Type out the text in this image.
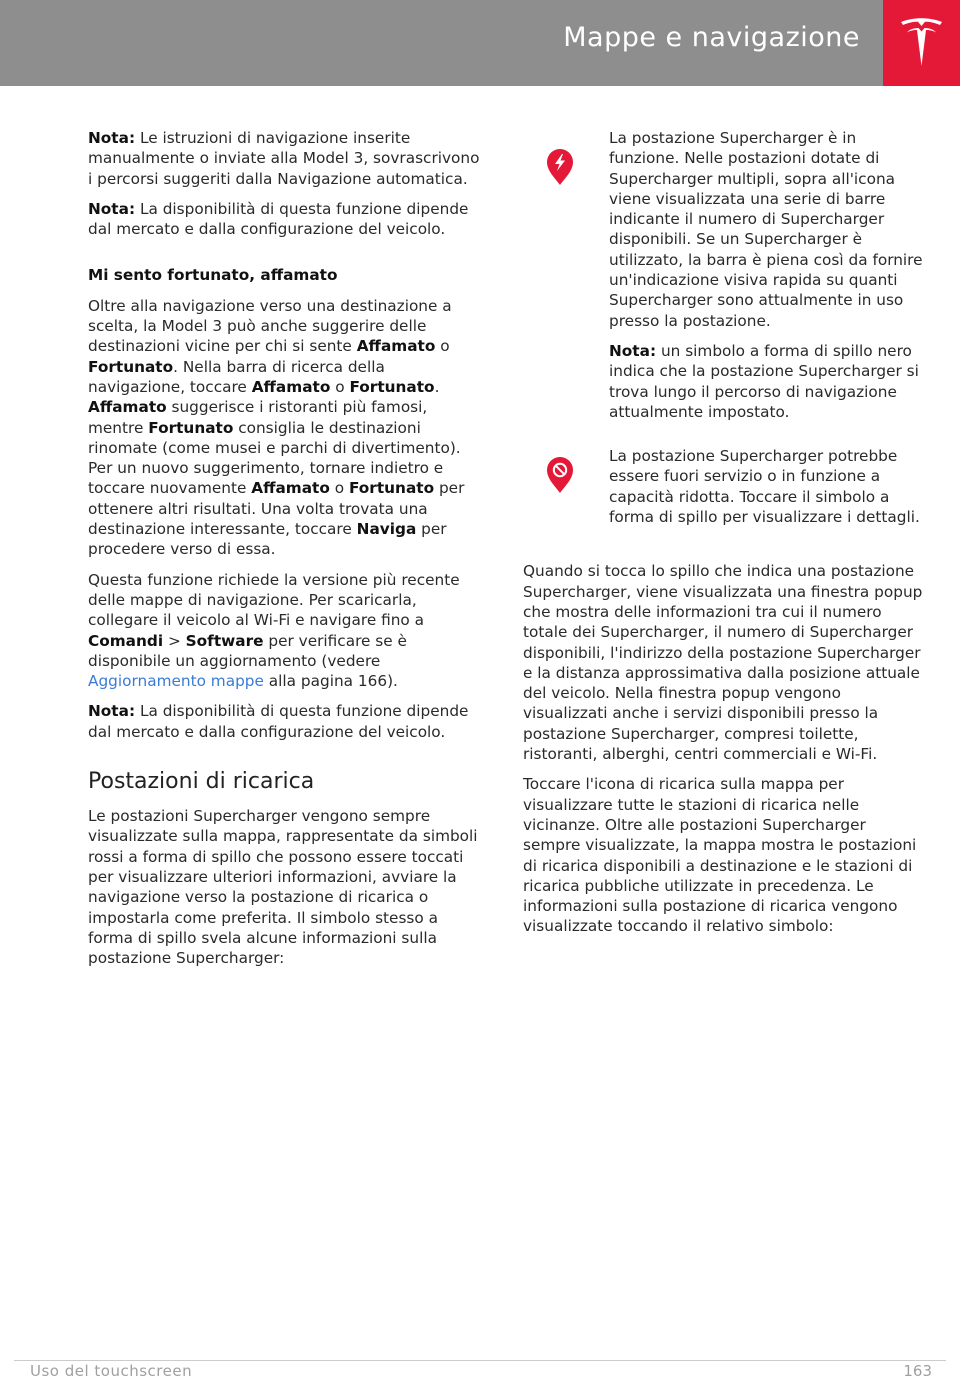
Mappe e navigazione

Nota: Le istruzioni di navigazione inserite manualmente o inviate alla Model 3, sovrascrivono i percorsi suggeriti dalla Navigazione automatica.

Nota: La disponibilità di questa funzione dipende dal mercato e dalla configurazione del veicolo.

Mi sento fortunato, affamato

Oltre alla navigazione verso una destinazione a scelta, la Model 3 può anche suggerire delle destinazioni vicine per chi si sente Affamato o Fortunato. Nella barra di ricerca della navigazione, toccare Affamato o Fortunato. Affamato suggerisce i ristoranti più famosi, mentre Fortunato consiglia le destinazioni rinomate (come musei e parchi di divertimento). Per un nuovo suggerimento, tornare indietro e toccare nuovamente Affamato o Fortunato per ottenere altri risultati. Una volta trovata una destinazione interessante, toccare Naviga per procedere verso di essa.

Questa funzione richiede la versione più recente delle mappe di navigazione. Per scaricarla, collegare il veicolo al Wi-Fi e navigare fino a Comandi > Software per verificare se è disponibile un aggiornamento (vedere Aggiornamento mappe alla pagina 166).

Nota: La disponibilità di questa funzione dipende dal mercato e dalla configurazione del veicolo.

Postazioni di ricarica

Le postazioni Supercharger vengono sempre visualizzate sulla mappa, rappresentate da simboli rossi a forma di spillo che possono essere toccati per visualizzare ulteriori informazioni, avviare la navigazione verso la postazione di ricarica o impostarla come preferita. Il simbolo stesso a forma di spillo svela alcune informazioni sulla postazione Supercharger:

La postazione Supercharger è in funzione. Nelle postazioni dotate di Supercharger multipli, sopra all'icona viene visualizzata una serie di barre indicante il numero di Supercharger disponibili. Se un Supercharger è utilizzato, la barra è piena così da fornire un'indicazione visiva rapida su quanti Supercharger sono attualmente in uso presso la postazione.

Nota: un simbolo a forma di spillo nero indica che la postazione Supercharger si trova lungo il percorso di navigazione attualmente impostato.

La postazione Supercharger potrebbe essere fuori servizio o in funzione a capacità ridotta. Toccare il simbolo a forma di spillo per visualizzare i dettagli.

Quando si tocca lo spillo che indica una postazione Supercharger, viene visualizzata una finestra popup che mostra delle informazioni tra cui il numero totale dei Supercharger, il numero di Supercharger disponibili, l'indirizzo della postazione Supercharger e la distanza approssimativa dalla posizione attuale del veicolo. Nella finestra popup vengono visualizzati anche i servizi disponibili presso la postazione Supercharger, compresi toilette, ristoranti, alberghi, centri commerciali e Wi-Fi.

Toccare l'icona di ricarica sulla mappa per visualizzare tutte le stazioni di ricarica nelle vicinanze. Oltre alle postazioni Supercharger sempre visualizzate, la mappa mostra le postazioni di ricarica disponibili a destinazione e le stazioni di ricarica pubbliche utilizzate in precedenza. Le informazioni sulla postazione di ricarica vengono visualizzate toccando il relativo simbolo:

Uso del touchscreen	163
